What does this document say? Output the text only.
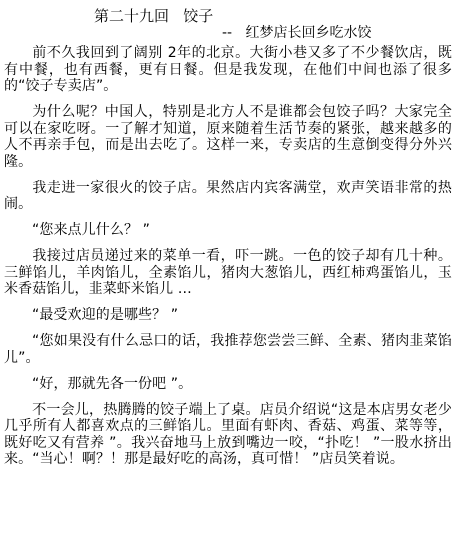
第二十九回   饺子
--   红梦店长回乡吃水饺

前不久我回到了阔别 2年的北京。大街小巷又多了不少餐饮店，既有中餐，也有西餐，更有日餐。但是我发现，在他们中间也添了很多的“饺子专卖店”。

为什么呢？中国人，特别是北方人不是谁都会包饺子吗？大家完全可以在家吃呀。一了解才知道，原来随着生活节奏的紧张，越来越多的人不再亲手包，而是出去吃了。这样一来，专卖店的生意倒变得分外兴隆。

我走进一家很火的饺子店。果然店内宾客满堂，欢声笑语非常的热闹。

“您来点儿什么？ ”

我接过店员递过来的菜单一看，吓一跳。一色的饺子却有几十种。三鲜馅儿，羊肉馅儿，全素馅儿，猪肉大葱馅儿，西红柿鸡蛋馅儿，玉米香菇馅儿，韭菜虾米馅儿 …

“最受欢迎的是哪些？ ”

“您如果没有什么忌口的话，我推荐您尝尝三鲜、全素、猪肉韭菜馅儿”。

“好，那就先各一份吧 ”。

不一会儿，热腾腾的饺子端上了桌。店员介绍说“这是本店男女老少几乎所有人都喜欢点的三鲜馅儿。里面有虾肉、香菇、鸡蛋、菜等等，既好吃又有营养 ”。我兴奋地马上放到嘴边一咬，“扑吃！ ”一股水挤出来。“当心！啊？！那是最好吃的高汤，真可惜！ ”店员笑着说。
